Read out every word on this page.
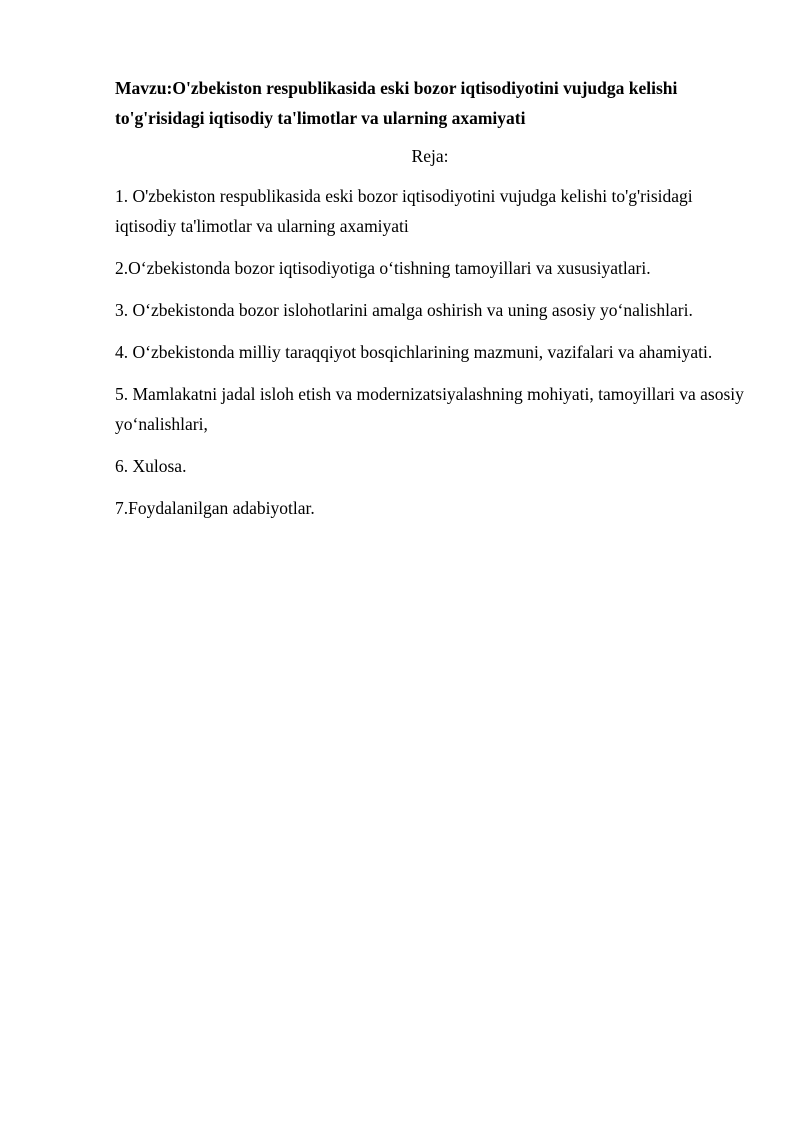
Mavzu:O'zbekiston respublikasida eski bozor iqtisodiyotini vujudga kelishi to'g'risidagi iqtisodiy ta'limotlar va ularning axamiyati

Reja:

1. O'zbekiston respublikasida eski bozor iqtisodiyotini vujudga kelishi to'g'risidagi iqtisodiy ta'limotlar va ularning axamiyati
2.O‘zbekistonda bozor iqtisodiyotiga o‘tishning tamoyillari va xususiyatlari.
3. O‘zbekistonda bozor islohotlarini amalga oshirish va uning asosiy yo‘nalishlari.
4. O‘zbekistonda milliy taraqqiyot bosqichlarining mazmuni, vazifalari va ahamiyati.
5. Mamlakatni jadal isloh etish va modernizatsiyalashning mohiyati, tamoyillari va asosiy yo‘nalishlari,
6. Xulosa.
7.Foydalanilgan adabiyotlar.
